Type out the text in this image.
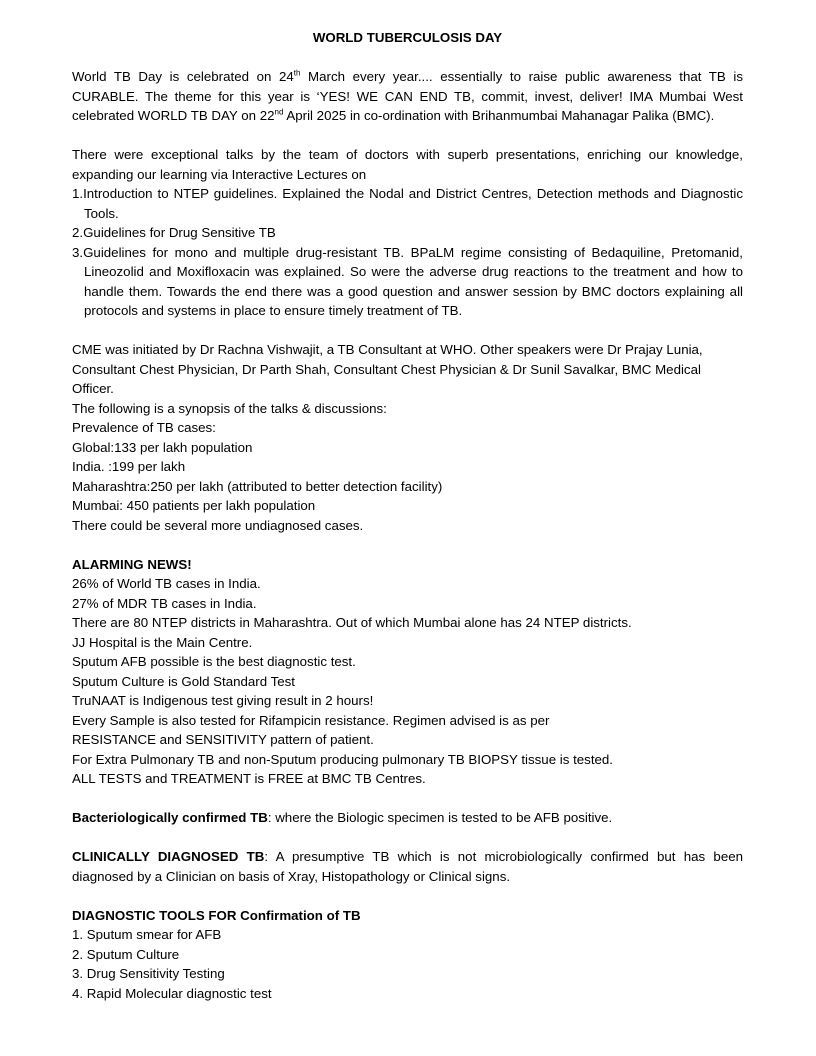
WORLD TUBERCULOSIS DAY

World TB Day is celebrated on 24th March every year.... essentially to raise public awareness that TB is CURABLE. The theme for this year is ‘YES! WE CAN END TB, commit, invest, deliver! IMA Mumbai West celebrated WORLD TB DAY on 22nd April 2025 in co-ordination with Brihanmumbai Mahanagar Palika (BMC).

There were exceptional talks by the team of doctors with superb presentations, enriching our knowledge, expanding our learning via Interactive Lectures on

1.Introduction to NTEP guidelines. Explained the Nodal and District Centres, Detection methods and Diagnostic Tools.
2.Guidelines for Drug Sensitive TB
3.Guidelines for mono and multiple drug-resistant TB. BPaLM regime consisting of Bedaquiline, Pretomanid, Lineozolid and Moxifloxacin was explained. So were the adverse drug reactions to the treatment and how to handle them. Towards the end there was a good question and answer session by BMC doctors explaining all protocols and systems in place to ensure timely treatment of TB.

CME was initiated by Dr Rachna Vishwajit, a TB Consultant at WHO. Other speakers were Dr Prajay Lunia, Consultant Chest Physician, Dr Parth Shah, Consultant Chest Physician & Dr Sunil Savalkar, BMC Medical Officer.

The following is a synopsis of the talks & discussions:

Prevalence of TB cases:

Global:133 per lakh population

India. :199 per lakh

Maharashtra:250 per lakh (attributed to better detection facility)

Mumbai: 450 patients per lakh population

There could be several more undiagnosed cases.

ALARMING NEWS!

26% of World TB cases in India.

27% of MDR TB cases in India.

There are 80 NTEP districts in Maharashtra. Out of which Mumbai alone has 24 NTEP districts.

JJ Hospital is the Main Centre.

Sputum AFB possible is the best diagnostic test.

Sputum Culture is Gold Standard Test

TruNAAT is Indigenous test giving result in 2 hours!

Every Sample is also tested for Rifampicin resistance. Regimen advised is as per

RESISTANCE and SENSITIVITY pattern of patient.

For Extra Pulmonary TB and non-Sputum producing pulmonary TB BIOPSY tissue is tested.

ALL TESTS and TREATMENT is FREE at BMC TB Centres.

Bacteriologically confirmed TB: where the Biologic specimen is tested to be AFB positive.

CLINICALLY DIAGNOSED TB: A presumptive TB which is not microbiologically confirmed but has been diagnosed by a Clinician on basis of Xray, Histopathology or Clinical signs.

DIAGNOSTIC TOOLS FOR Confirmation of TB

1. Sputum smear for AFB

2. Sputum Culture

3. Drug Sensitivity Testing

4. Rapid Molecular diagnostic test
